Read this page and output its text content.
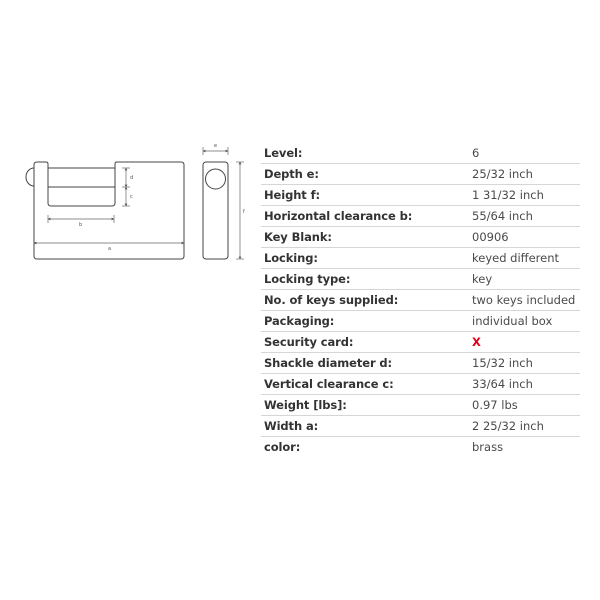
d
c
b
a
e
f
Level:	6
Depth e:	25/32 inch
Height f:	1 31/32 inch
Horizontal clearance b:	55/64 inch
Key Blank:	00906
Locking:	keyed different
Locking type:	key
No. of keys supplied:	two keys included
Packaging:	individual box
Security card:	X
Shackle diameter d:	15/32 inch
Vertical clearance c:	33/64 inch
Weight [lbs]:	0.97 lbs
Width a:	2 25/32 inch
color:	brass
